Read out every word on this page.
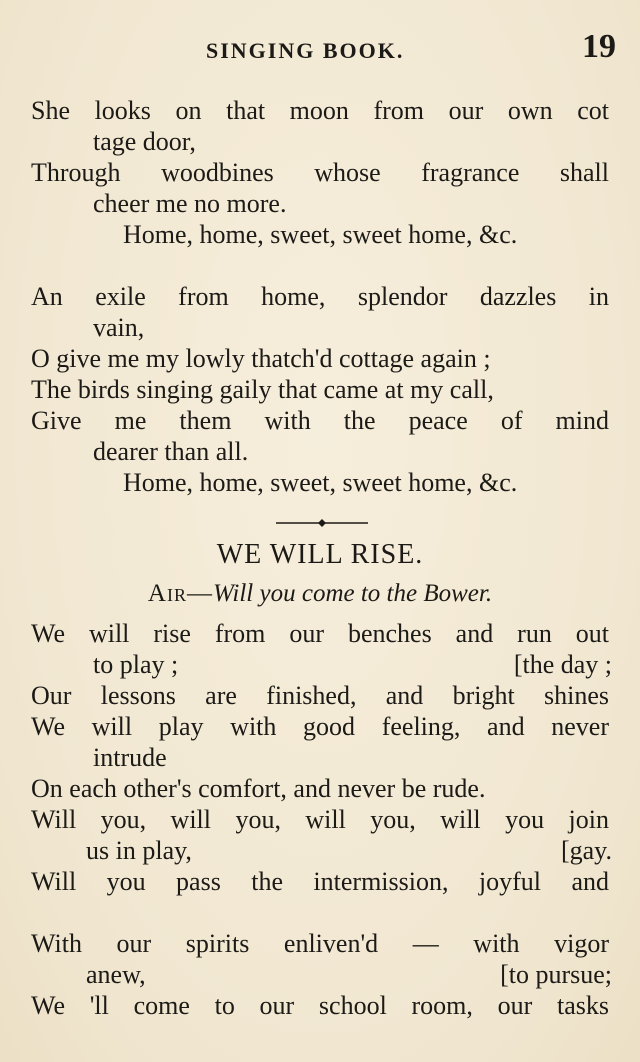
SINGING BOOK.	19
She looks on that moon from our own cot
tage door,
Through woodbines whose fragrance shall
cheer me no more.
Home, home, sweet, sweet home, &c.
An exile from home, splendor dazzles in
vain,
O give me my lowly thatch'd cottage again ;
The birds singing gaily that came at my call,
Give me them with the peace of mind
dearer than all.
Home, home, sweet, sweet home, &c.
WE WILL RISE.
Air—Will you come to the Bower.
We will rise from our benches and run out
to play ;	[the day ;
Our lessons are finished, and bright shines
We will play with good feeling, and never
intrude
On each other's comfort, and never be rude.
Will you, will you, will you, will you join
us in play,	[gay.
Will you pass the intermission, joyful and
With our spirits enliven'd — with vigor
anew,	[to pursue;
We 'll come to our school room, our tasks
